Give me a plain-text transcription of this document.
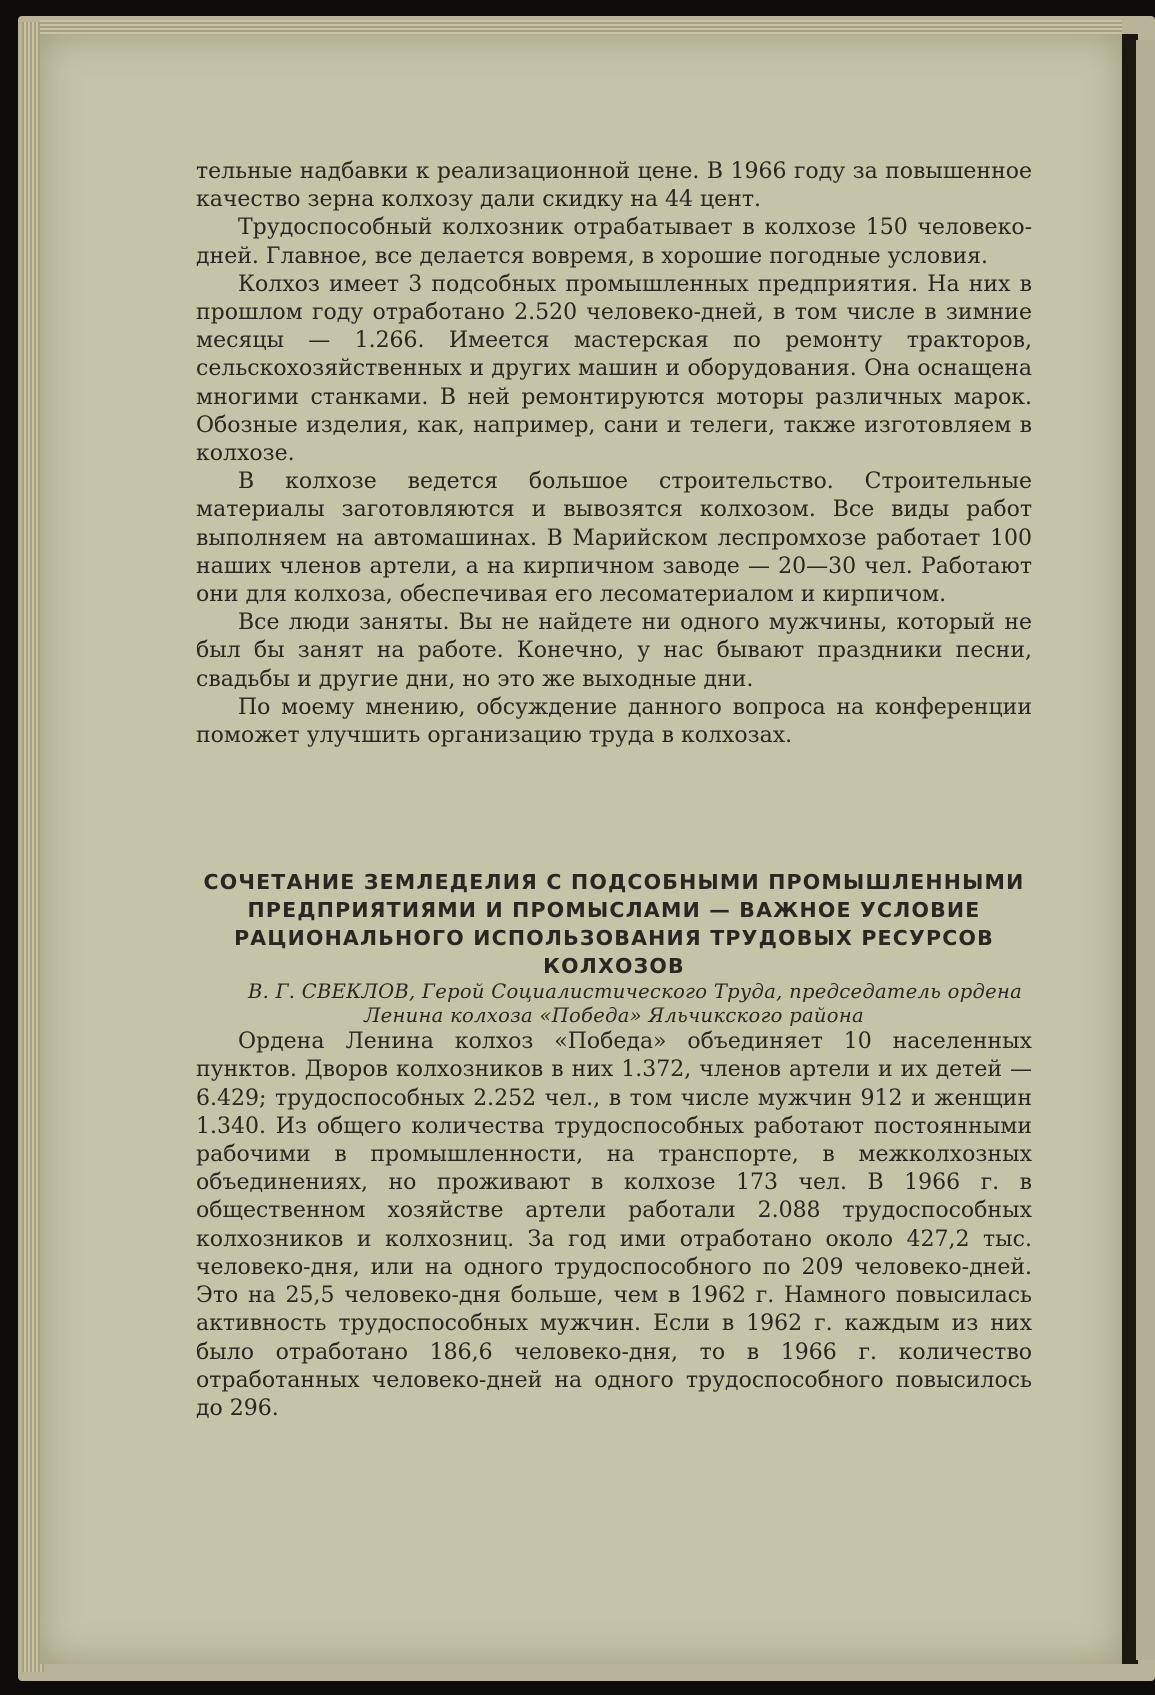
тельные надбавки к реализационной цене. В 1966 году за повышенное качество зерна колхозу дали скидку на 44 цент.

Трудоспособный колхозник отрабатывает в колхозе 150 человеко-дней. Главное, все делается вовремя, в хорошие погодные условия.

Колхоз имеет 3 подсобных промышленных предприятия. На них в прошлом году отработано 2.520 человеко-дней, в том числе в зимние месяцы — 1.266. Имеется мастерская по ремонту тракторов, сельскохозяйственных и других машин и оборудования. Она оснащена многими станками. В ней ремонтируются моторы различных марок. Обозные изделия, как, например, сани и телеги, также изготовляем в колхозе.

В колхозе ведется большое строительство. Строительные материалы заготовляются и вывозятся колхозом. Все виды работ выполняем на автомашинах. В Марийском леспромхозе работает 100 наших членов артели, а на кирпичном заводе — 20—30 чел. Работают они для колхоза, обеспечивая его лесоматериалом и кирпичом.

Все люди заняты. Вы не найдете ни одного мужчины, который не был бы занят на работе. Конечно, у нас бывают праздники песни, свадьбы и другие дни, но это же выходные дни.

По моему мнению, обсуждение данного вопроса на конференции поможет улучшить организацию труда в колхозах.

СОЧЕТАНИЕ ЗЕМЛЕДЕЛИЯ С ПОДСОБНЫМИ ПРОМЫШЛЕННЫМИ ПРЕДПРИЯТИЯМИ И ПРОМЫСЛАМИ — ВАЖНОЕ УСЛОВИЕ РАЦИОНАЛЬНОГО ИСПОЛЬЗОВАНИЯ ТРУДОВЫХ РЕСУРСОВ КОЛХОЗОВ

В. Г. СВЕКЛОВ, Герой Социалистического Труда, председатель ордена Ленина колхоза «Победа» Яльчикского района

Ордена Ленина колхоз «Победа» объединяет 10 населенных пунктов. Дворов колхозников в них 1.372, членов артели и их детей — 6.429; трудоспособных 2.252 чел., в том числе мужчин 912 и женщин 1.340. Из общего количества трудоспособных работают постоянными рабочими в промышленности, на транспорте, в межколхозных объединениях, но проживают в колхозе 173 чел. В 1966 г. в общественном хозяйстве артели работали 2.088 трудоспособных колхозников и колхозниц. За год ими отработано около 427,2 тыс. человеко-дня, или на одного трудоспособного по 209 человеко-дней. Это на 25,5 человеко-дня больше, чем в 1962 г. Намного повысилась активность трудоспособных мужчин. Если в 1962 г. каждым из них было отработано 186,6 человеко-дня, то в 1966 г. количество отработанных человеко-дней на одного трудоспособного повысилось до 296.
